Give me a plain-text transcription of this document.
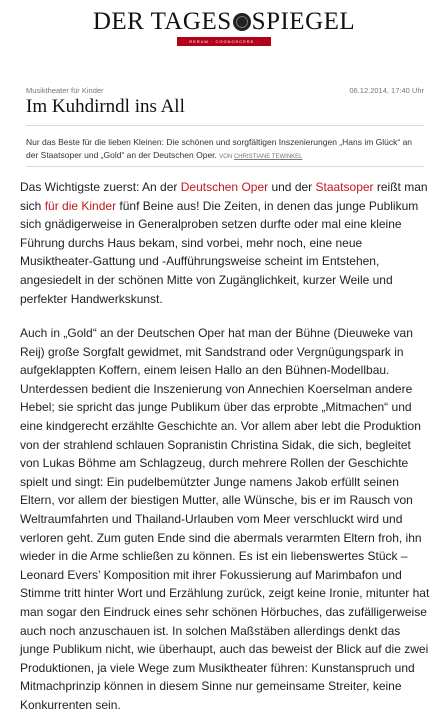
DER TAGES SPIEGEL
RERUM · COGNOSCERE · CAUSAS
Musiktheater für Kinder	06.12.2014, 17:40 Uhr
Im Kuhdirndl ins All
Nur das Beste für die lieben Kleinen: Die schönen und sorgfältigen Inszenierungen „Hans im Glück“ an der Staatsoper und „Gold“ an der Deutschen Oper. VON CHRISTIANE TEWINKEL

Das Wichtigste zuerst: An der Deutschen Oper und der Staatsoper reißt man sich für die Kinder fünf Beine aus! Die Zeiten, in denen das junge Publikum sich gnädigerweise in Generalproben setzen durfte oder mal eine kleine Führung durchs Haus bekam, sind vorbei, mehr noch, eine neue Musiktheater-Gattung und -Aufführungsweise scheint im Entstehen, angesiedelt in der schönen Mitte von Zugänglichkeit, kurzer Weile und perfekter Handwerkskunst.

Auch in „Gold“ an der Deutschen Oper hat man der Bühne (Dieuweke van Reij) große Sorgfalt gewidmet, mit Sandstrand oder Vergnügungspark in aufgeklappten Koffern, einem leisen Hallo an den Bühnen-Modellbau. Unterdessen bedient die Inszenierung von Annechien Koerselman andere Hebel; sie spricht das junge Publikum über das erprobte „Mitmachen“ und eine kindgerecht erzählte Geschichte an. Vor allem aber lebt die Produktion von der strahlend schlauen Sopranistin Christina Sidak, die sich, begleitet von Lukas Böhme am Schlagzeug, durch mehrere Rollen der Geschichte spielt und singt: Ein pudelbemützter Junge namens Jakob erfüllt seinen Eltern, vor allem der biestigen Mutter, alle Wünsche, bis er im Rausch von Weltraumfahrten und Thailand-Urlauben vom Meer verschluckt wird und verloren geht. Zum guten Ende sind die abermals verarmten Eltern froh, ihn wieder in die Arme schließen zu können. Es ist ein liebenswertes Stück – Leonard Evers’ Komposition mit ihrer Fokussierung auf Marimbafon und Stimme tritt hinter Wort und Erzählung zurück, zeigt keine Ironie, mitunter hat man sogar den Eindruck eines sehr schönen Hörbuches, das zufälligerweise auch noch anzuschauen ist. In solchen Maßstäben allerdings denkt das junge Publikum nicht, wie überhaupt, auch das beweist der Blick auf die zwei Produktionen, ja viele Wege zum Musiktheater führen: Kunstanspruch und Mitmachprinzip können in diesem Sinne nur gemeinsame Streiter, keine Konkurrenten sein.
